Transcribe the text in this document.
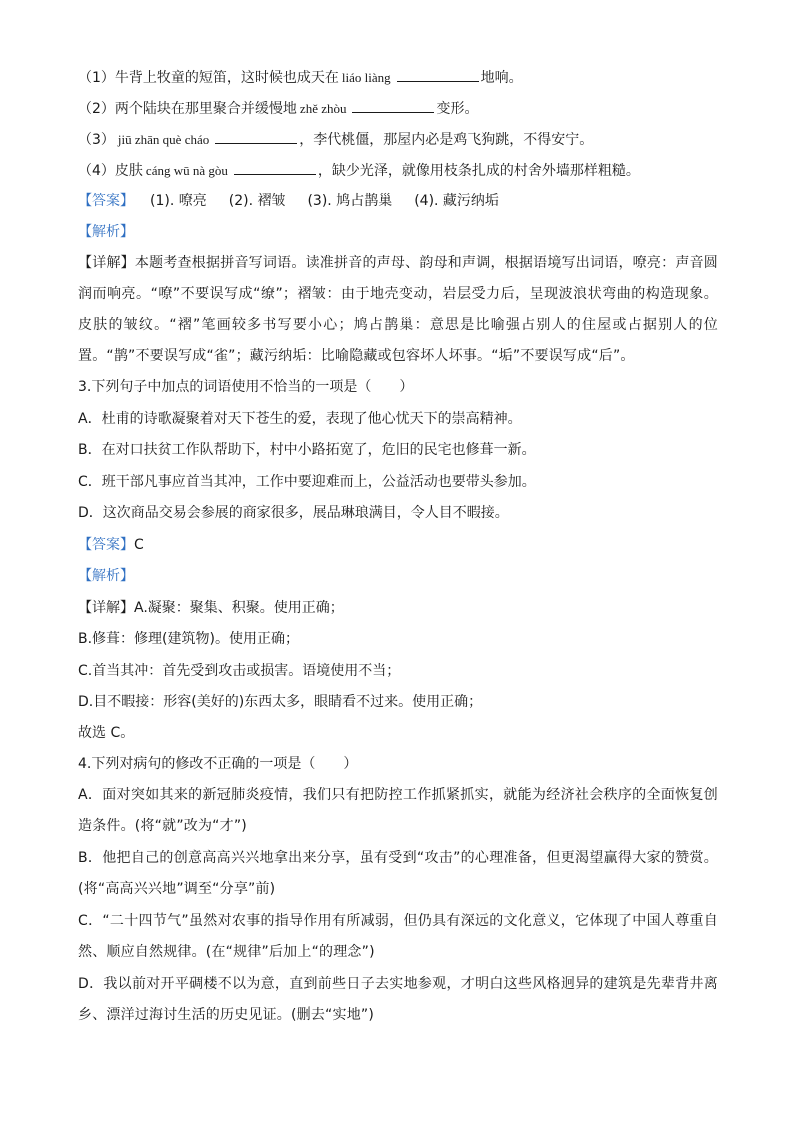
（1）牛背上牧童的短笛，这时候也成天在 liáo liàng	地响。
（2）两个陆块在那里聚合并缓慢地 zhě zhòu	变形。
（3） jiū zhān què cháo	，李代桃僵，那屋内必是鸡飞狗跳，不得安宁。
（4）皮肤 cáng wū nà gòu	，缺少光泽，就像用枝条扎成的村舍外墙那样粗糙。
【答案】 (1). 嘹亮 (2). 褶皱 (3). 鸠占鹊巢 (4). 藏污纳垢
【解析】
【详解】本题考查根据拼音写词语。读准拼音的声母、韵母和声调，根据语境写出词语，嘹亮：声音圆润而响亮。“嘹”不要误写成“缭”；褶皱：由于地壳变动，岩层受力后，呈现波浪状弯曲的构造现象。皮肤的皱纹。“褶”笔画较多书写要小心；鸠占鹊巢：意思是比喻强占别人的住屋或占据别人的位置。“鹊”不要误写成“雀”；藏污纳垢：比喻隐藏或包容坏人坏事。“垢”不要误写成“后”。
3.下列句子中加点的词语使用不恰当的一项是（　　）
A．杜甫的诗歌凝聚着对天下苍生的爱，表现了他心忧天下的崇高精神。
B．在对口扶贫工作队帮助下，村中小路拓宽了，危旧的民宅也修葺一新。
C．班干部凡事应首当其冲，工作中要迎难而上，公益活动也要带头参加。
D．这次商品交易会参展的商家很多，展品琳琅满目，令人目不暇接。
【答案】C
【解析】
【详解】A.凝聚：聚集、积聚。使用正确；
B.修葺：修理(建筑物)。使用正确；
C.首当其冲：首先受到攻击或损害。语境使用不当；
D.目不暇接：形容(美好的)东西太多，眼睛看不过来。使用正确；
故选 C。
4.下列对病句的修改不正确的一项是（　　）
A．面对突如其来的新冠肺炎疫情，我们只有把防控工作抓紧抓实，就能为经济社会秩序的全面恢复创造条件。(将“就”改为“才”)
B．他把自己的创意高高兴兴地拿出来分享，虽有受到“攻击”的心理准备，但更渴望赢得大家的赞赏。(将“高高兴兴地”调至“分享”前)
C．“二十四节气”虽然对农事的指导作用有所减弱，但仍具有深远的文化意义，它体现了中国人尊重自然、顺应自然规律。(在“规律”后加上“的理念”)
D．我以前对开平碉楼不以为意，直到前些日子去实地参观，才明白这些风格迥异的建筑是先辈背井离乡、漂洋过海讨生活的历史见证。(删去“实地”)
